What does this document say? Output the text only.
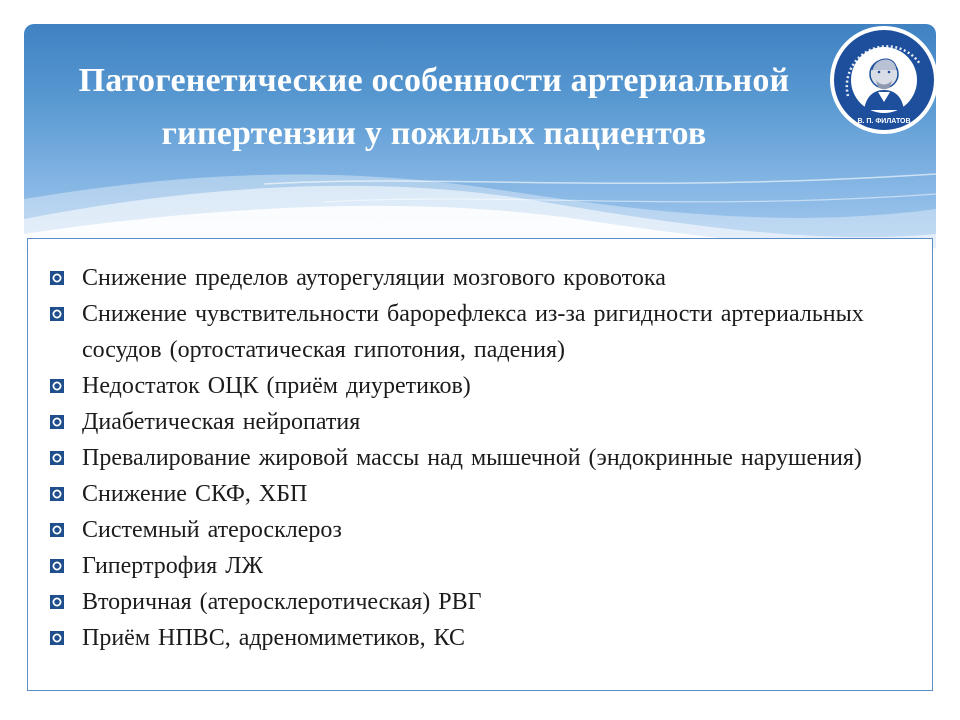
Патогенетические особенности артериальной гипертензии у пожилых пациентов	В. П. ФИЛАТОВ
Снижение пределов ауторегуляции мозгового кровотока
Снижение чувствительности барорефлекса из-за ригидности артериальных сосудов (ортостатическая гипотония, падения)
Недостаток ОЦК (приём диуретиков)
Диабетическая нейропатия
Превалирование жировой массы над мышечной (эндокринные нарушения)
Снижение СКФ, ХБП
Системный атеросклероз
Гипертрофия ЛЖ
Вторичная (атеросклеротическая) РВГ
Приём НПВС, адреномиметиков, КС
